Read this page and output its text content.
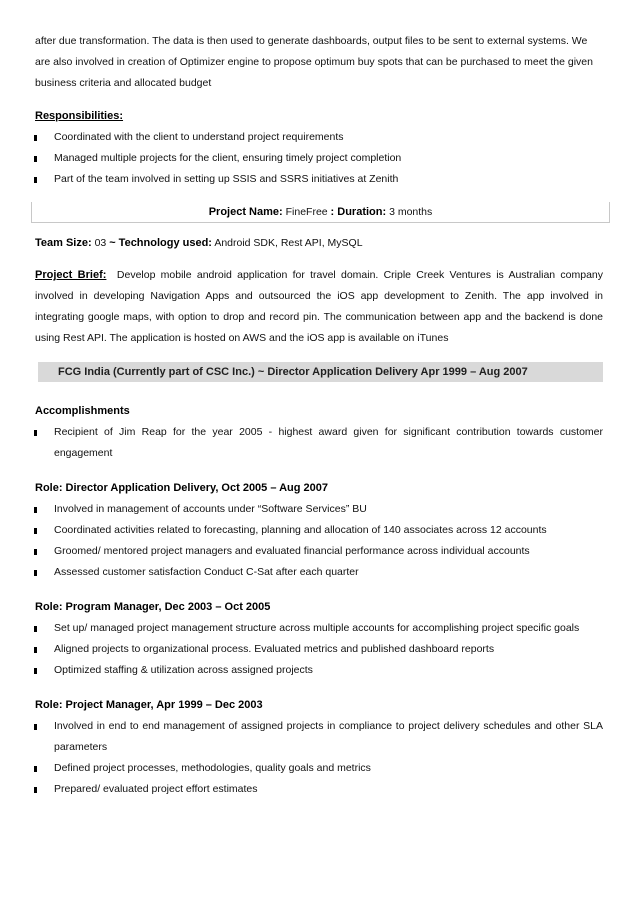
after due transformation. The data is then used to generate dashboards, output files to be sent to external systems. We

are also involved in creation of Optimizer engine to propose optimum buy spots that can be purchased to meet the given

business criteria and allocated budget

Responsibilities:

Coordinated with the client to understand project requirements
Managed multiple projects for the client, ensuring timely project completion
Part of the team involved in setting up SSIS and SSRS initiatives at Zenith
Project Name: FineFree : Duration: 3 months

Team Size: 03 ~ Technology used: Android SDK, Rest API, MySQL

Project Brief: Develop mobile android application for travel domain. Criple Creek Ventures is Australian company involved in developing Navigation Apps and outsourced the iOS app development to Zenith. The app involved in integrating google maps, with option to drop and record pin. The communication between app and the backend is done using Rest API. The application is hosted on AWS and the iOS app is available on iTunes

FCG India (Currently part of CSC Inc.) ~ Director Application Delivery Apr 1999 – Aug 2007

Accomplishments

Recipient of Jim Reap for the year 2005 - highest award given for significant contribution towards customer engagement

Role: Director Application Delivery, Oct 2005 – Aug 2007

Involved in management of accounts under “Software Services” BU
Coordinated activities related to forecasting, planning and allocation of 140 associates across 12 accounts
Groomed/ mentored project managers and evaluated financial performance across individual accounts
Assessed customer satisfaction Conduct C-Sat after each quarter

Role: Program Manager, Dec 2003 – Oct 2005

Set up/ managed project management structure across multiple accounts for accomplishing project specific goals
Aligned projects to organizational process. Evaluated metrics and published dashboard reports
Optimized staffing & utilization across assigned projects

Role: Project Manager, Apr 1999 – Dec 2003

Involved in end to end management of assigned projects in compliance to project delivery schedules and other SLA parameters
Defined project processes, methodologies, quality goals and metrics
Prepared/ evaluated project effort estimates
